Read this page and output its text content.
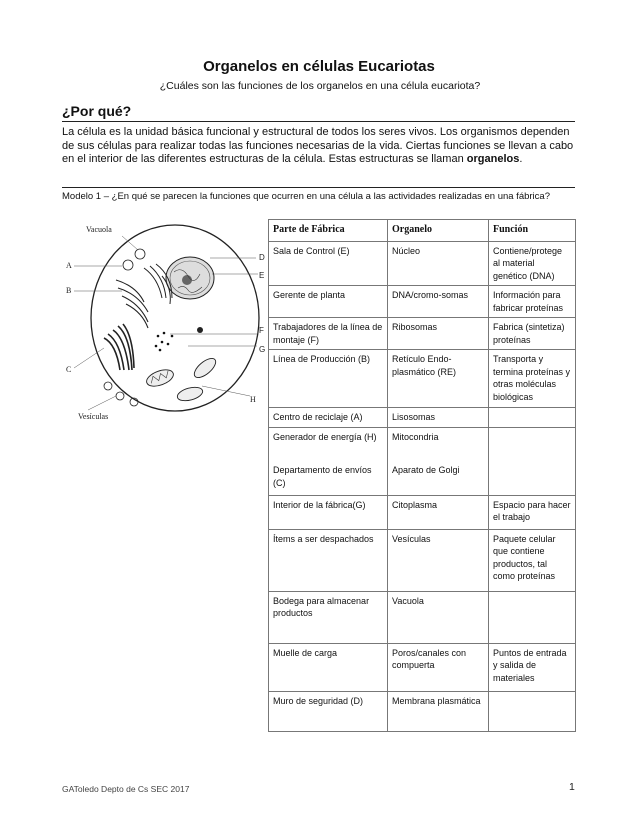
Organelos en células Eucariotas
¿Cuáles son las funciones de los organelos en una célula eucariota?
¿Por qué?
La célula es la unidad básica funcional y estructural de todos los seres vivos. Los organismos dependen de sus células para realizar todas las funciones necesarias de la vida. Ciertas funciones se llevan a cabo en el interior de las diferentes estructuras de la célula. Estas estructuras se llaman organelos.
Modelo 1 – ¿En qué se parecen la funciones que ocurren en una célula a las actividades realizadas en una fábrica?
Vacuola
A
B
C
Vesículas
D
E
F
G
H
Parte de Fábrica	Organelo	Función
Sala de Control (E)	Núcleo	Contiene/protege al material genético (DNA)
Gerente de planta	DNA/cromo-somas	Información para fabricar proteínas
Trabajadores de la línea de montaje (F)	Ribosomas	Fabrica (sintetiza) proteínas
Línea de Producción (B)	Retículo Endo-plasmático (RE)	Transporta y termina proteínas y otras moléculas biológicas
Centro de reciclaje (A)	Lisosomas	
Generador de energía (H)	Mitocondria	
Departamento de envíos (C)	Aparato de Golgi	
Interior de la fábrica(G)	Citoplasma	Espacio para hacer el trabajo
Ítems a ser despachados	Vesículas	Paquete celular que contiene productos, tal como proteínas
Bodega para almacenar productos	Vacuola	
Muelle de carga	Poros/canales con compuerta	Puntos de entrada y salida de materiales
Muro de seguridad (D)	Membrana plasmática	
GAToledo Depto de Cs SEC 2017	1
